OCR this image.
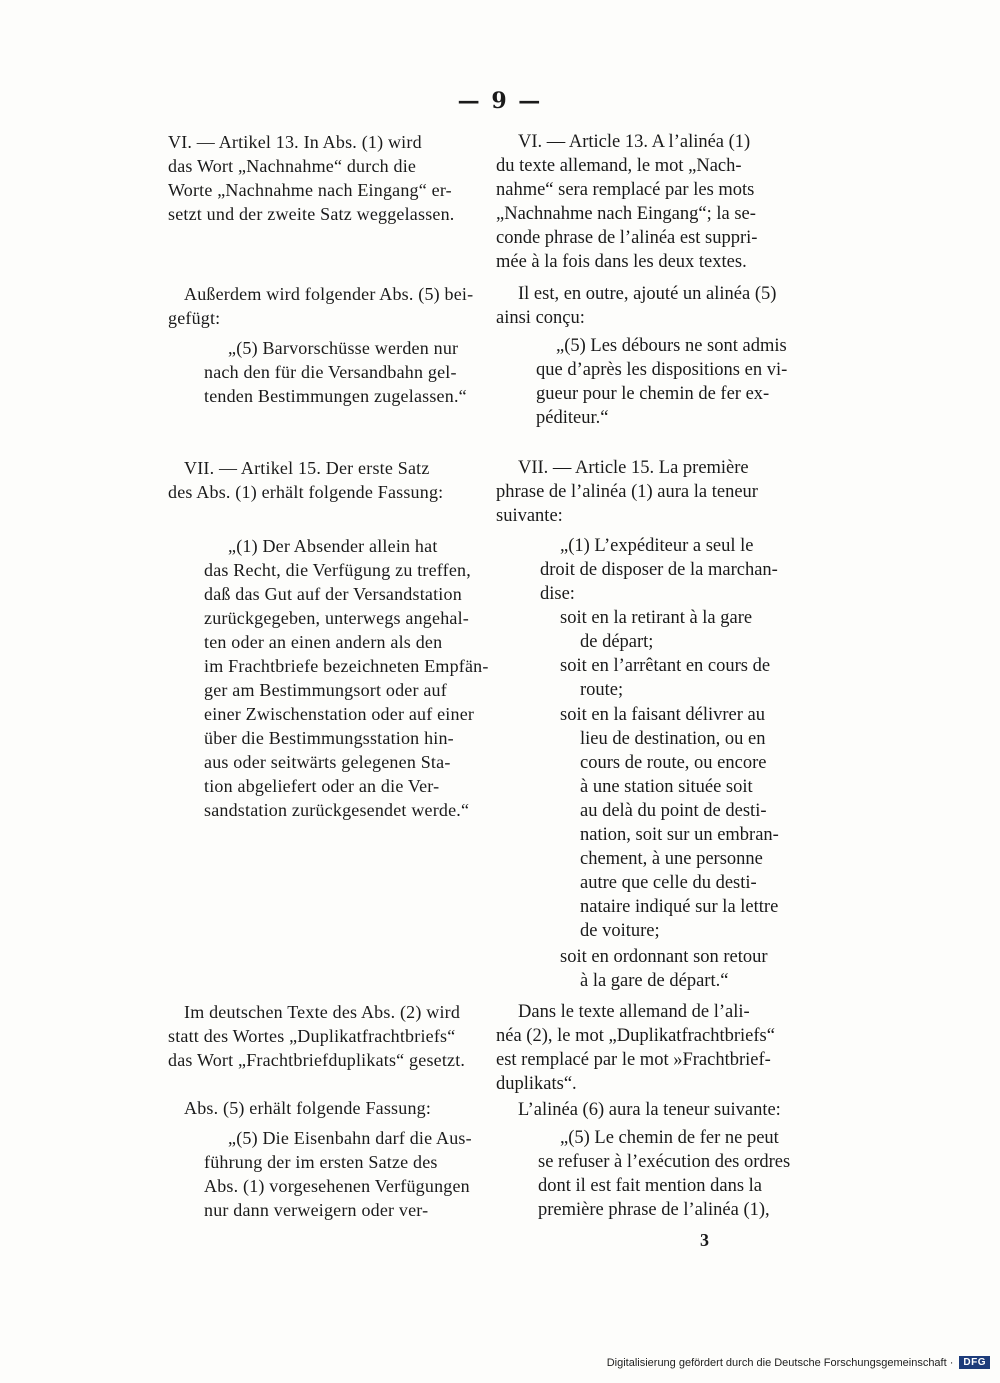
— 9 —
VI. — Artikel 13. In Abs. (1) wird
das Wort „Nachnahme“ durch die
Worte „Nachnahme nach Eingang“ er-
setzt und der zweite Satz weggelassen.
Außerdem wird folgender Abs. (5) bei-
gefügt:
„(5) Barvorschüsse werden nur
nach den für die Versandbahn gel-
tenden Bestimmungen zugelassen.“
VII. — Artikel 15. Der erste Satz
des Abs. (1) erhält folgende Fassung:
„(1) Der Absender allein hat
das Recht, die Verfügung zu treffen,
daß das Gut auf der Versandstation
zurückgegeben, unterwegs angehal-
ten oder an einen andern als den
im Frachtbriefe bezeichneten Empfän-
ger am Bestimmungsort oder auf
einer Zwischenstation oder auf einer
über die Bestimmungsstation hin-
aus oder seitwärts gelegenen Sta-
tion abgeliefert oder an die Ver-
sandstation zurückgesendet werde.“
Im deutschen Texte des Abs. (2) wird
statt des Wortes „Duplikatfrachtbriefs“
das Wort „Frachtbriefduplikats“ gesetzt.
Abs. (5) erhält folgende Fassung:
„(5) Die Eisenbahn darf die Aus-
führung der im ersten Satze des
Abs. (1) vorgesehenen Verfügungen
nur dann verweigern oder ver-
VI. — Article 13. A l’alinéa (1)
du texte allemand, le mot „Nach-
nahme“ sera remplacé par les mots
„Nachnahme nach Eingang“; la se-
conde phrase de l’alinéa est suppri-
mée à la fois dans les deux textes.
Il est, en outre, ajouté un alinéa (5)
ainsi conçu:
„(5) Les débours ne sont admis
que d’après les dispositions en vi-
gueur pour le chemin de fer ex-
péditeur.“
VII. — Article 15. La première
phrase de l’alinéa (1) aura la teneur
suivante:
„(1) L’expéditeur a seul le
droit de disposer de la marchan-
dise:
soit en la retirant à la gare
de départ;
soit en l’arrêtant en cours de
route;
soit en la faisant délivrer au
lieu de destination, ou en
cours de route, ou encore
à une station située soit
au delà du point de desti-
nation, soit sur un embran-
chement, à une personne
autre que celle du desti-
nataire indiqué sur la lettre
de voiture;
soit en ordonnant son retour
à la gare de départ.“
Dans le texte allemand de l’ali-
néa (2), le mot „Duplikatfrachtbriefs“
est remplacé par le mot »Frachtbrief-
duplikats“.
L’alinéa (6) aura la teneur suivante:
„(5) Le chemin de fer ne peut
se refuser à l’exécution des ordres
dont il est fait mention dans la
première phrase de l’alinéa (1),
3
Digitalisierung gefördert durch die Deutsche Forschungsgemeinschaft ·	DFG
